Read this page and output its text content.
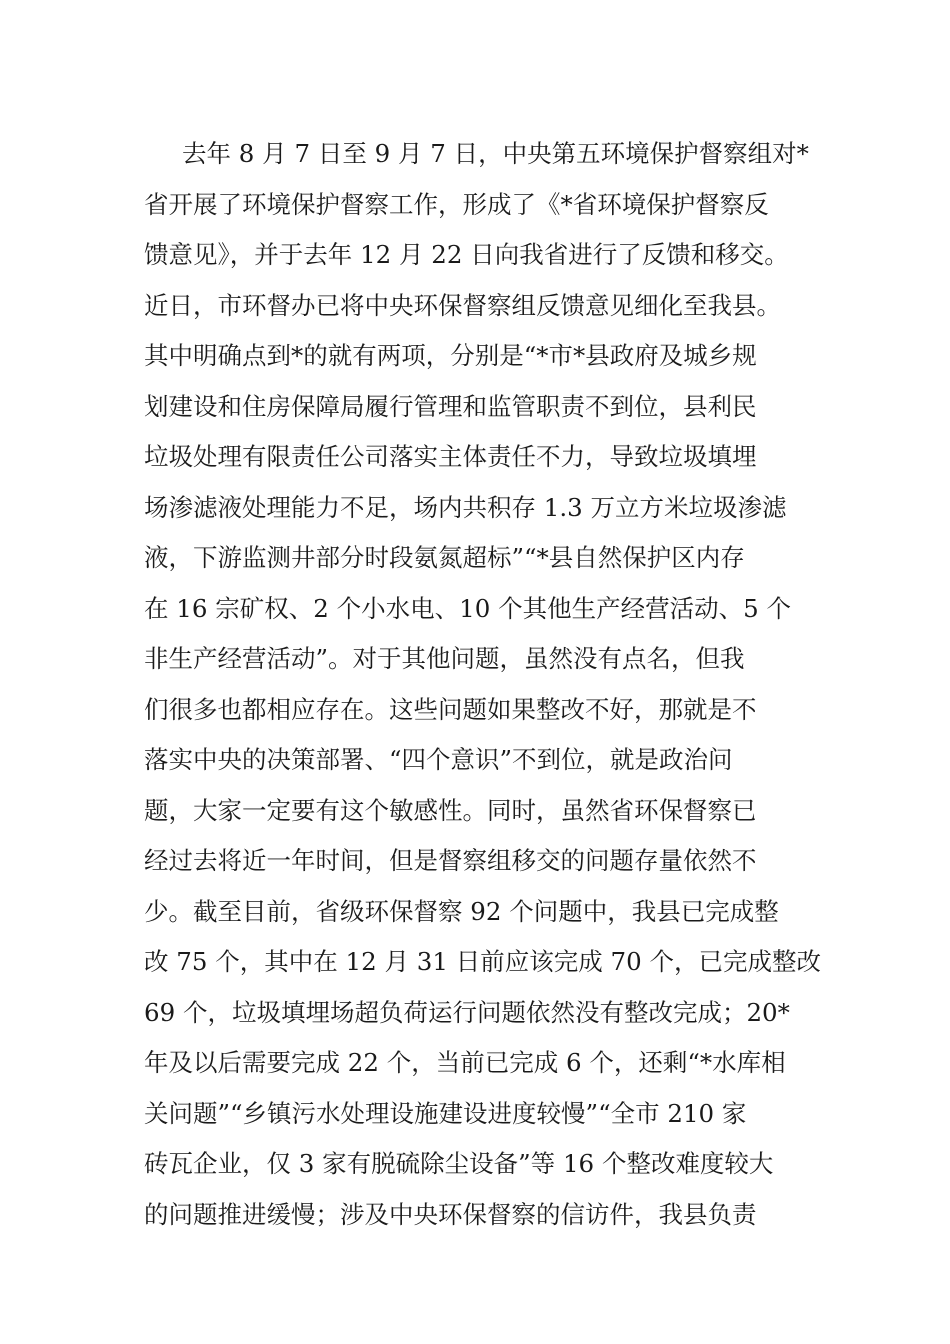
去年 8 月 7 日至 9 月 7 日，中央第五环境保护督察组对*
省开展了环境保护督察工作，形成了《*省环境保护督察反
馈意见》，并于去年 12 月 22 日向我省进行了反馈和移交。
近日，市环督办已将中央环保督察组反馈意见细化至我县。
其中明确点到*的就有两项，分别是“*市*县政府及城乡规
划建设和住房保障局履行管理和监管职责不到位，县利民
垃圾处理有限责任公司落实主体责任不力，导致垃圾填埋
场渗滤液处理能力不足，场内共积存 1.3 万立方米垃圾渗滤
液，下游监测井部分时段氨氮超标”“*县自然保护区内存
在 16 宗矿权、2 个小水电、10 个其他生产经营活动、5 个
非生产经营活动”。对于其他问题，虽然没有点名，但我
们很多也都相应存在。这些问题如果整改不好，那就是不
落实中央的决策部署、“四个意识”不到位，就是政治问
题，大家一定要有这个敏感性。同时，虽然省环保督察已
经过去将近一年时间，但是督察组移交的问题存量依然不
少。截至目前，省级环保督察 92 个问题中，我县已完成整
改 75 个，其中在 12 月 31 日前应该完成 70 个，已完成整改
69 个，垃圾填埋场超负荷运行问题依然没有整改完成；20*
年及以后需要完成 22 个，当前已完成 6 个，还剩“*水库相
关问题”“乡镇污水处理设施建设进度较慢”“全市 210 家
砖瓦企业，仅 3 家有脱硫除尘设备”等 16 个整改难度较大
的问题推进缓慢；涉及中央环保督察的信访件，我县负责
